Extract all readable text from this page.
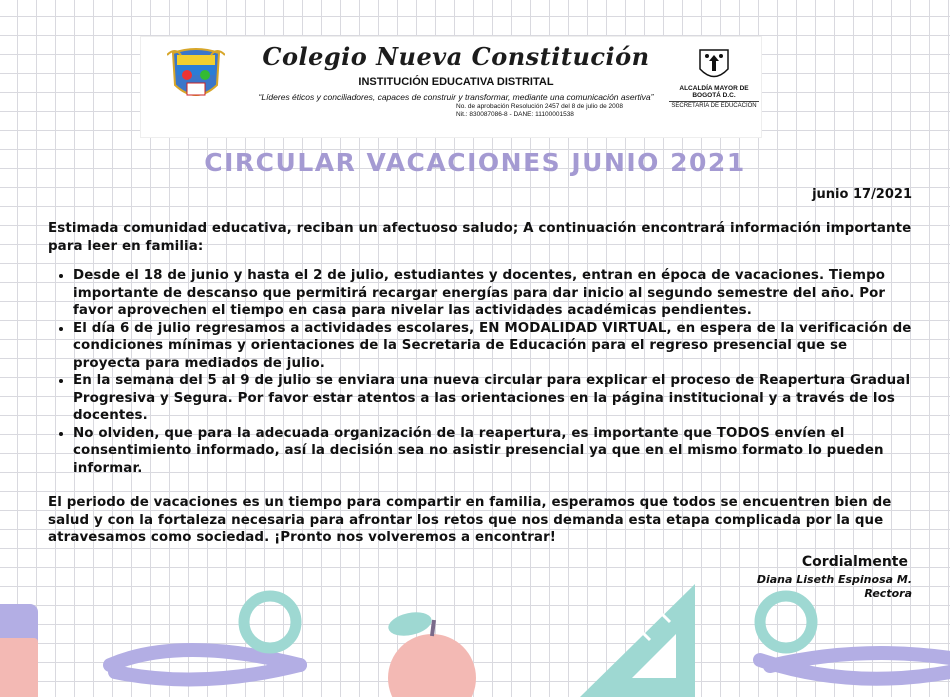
Colegio Nueva Constitución
INSTITUCIÓN EDUCATIVA DISTRITAL
“Líderes éticos y conciliadores, capaces de construir y transformar, mediante una comunicación asertiva”
No. de aprobación Resolución 2457 del 8 de julio de 2008
Nit.: 830087086-8 - DANE: 11100001538
ALCALDÍA MAYOR DE BOGOTÁ D.C.
SECRETARÍA DE EDUCACIÓN
CIRCULAR VACACIONES JUNIO 2021
junio 17/2021

Estimada comunidad educativa, reciban un afectuoso saludo; A continuación encontrará información importante para leer en familia:

• Desde el 18 de junio y hasta el 2 de julio, estudiantes y docentes, entran en época de vacaciones. Tiempo importante de descanso que permitirá recargar energías para dar inicio al segundo semestre del año. Por favor aprovechen el tiempo en casa para nivelar las actividades académicas pendientes.
• El día 6 de julio regresamos a actividades escolares, EN MODALIDAD VIRTUAL, en espera de la verificación de condiciones mínimas y orientaciones de la Secretaria de Educación para el regreso presencial que se proyecta para mediados de julio.
• En la semana del 5 al 9 de julio se enviara una nueva circular para explicar el proceso de Reapertura Gradual Progresiva y Segura. Por favor estar atentos a las orientaciones en la página institucional y a través de los docentes.
• No olviden, que para la adecuada organización de la reapertura, es importante que TODOS envíen el consentimiento informado, así la decisión sea no asistir presencial ya que en el mismo formato lo pueden informar.

El periodo de vacaciones es un tiempo para compartir en familia, esperamos que todos se encuentren bien de salud y con la fortaleza necesaria para afrontar los retos que nos demanda esta etapa complicada por la que atravesamos como sociedad. ¡Pronto nos volveremos a encontrar!

Cordialmente
Diana Liseth Espinosa M.
Rectora
